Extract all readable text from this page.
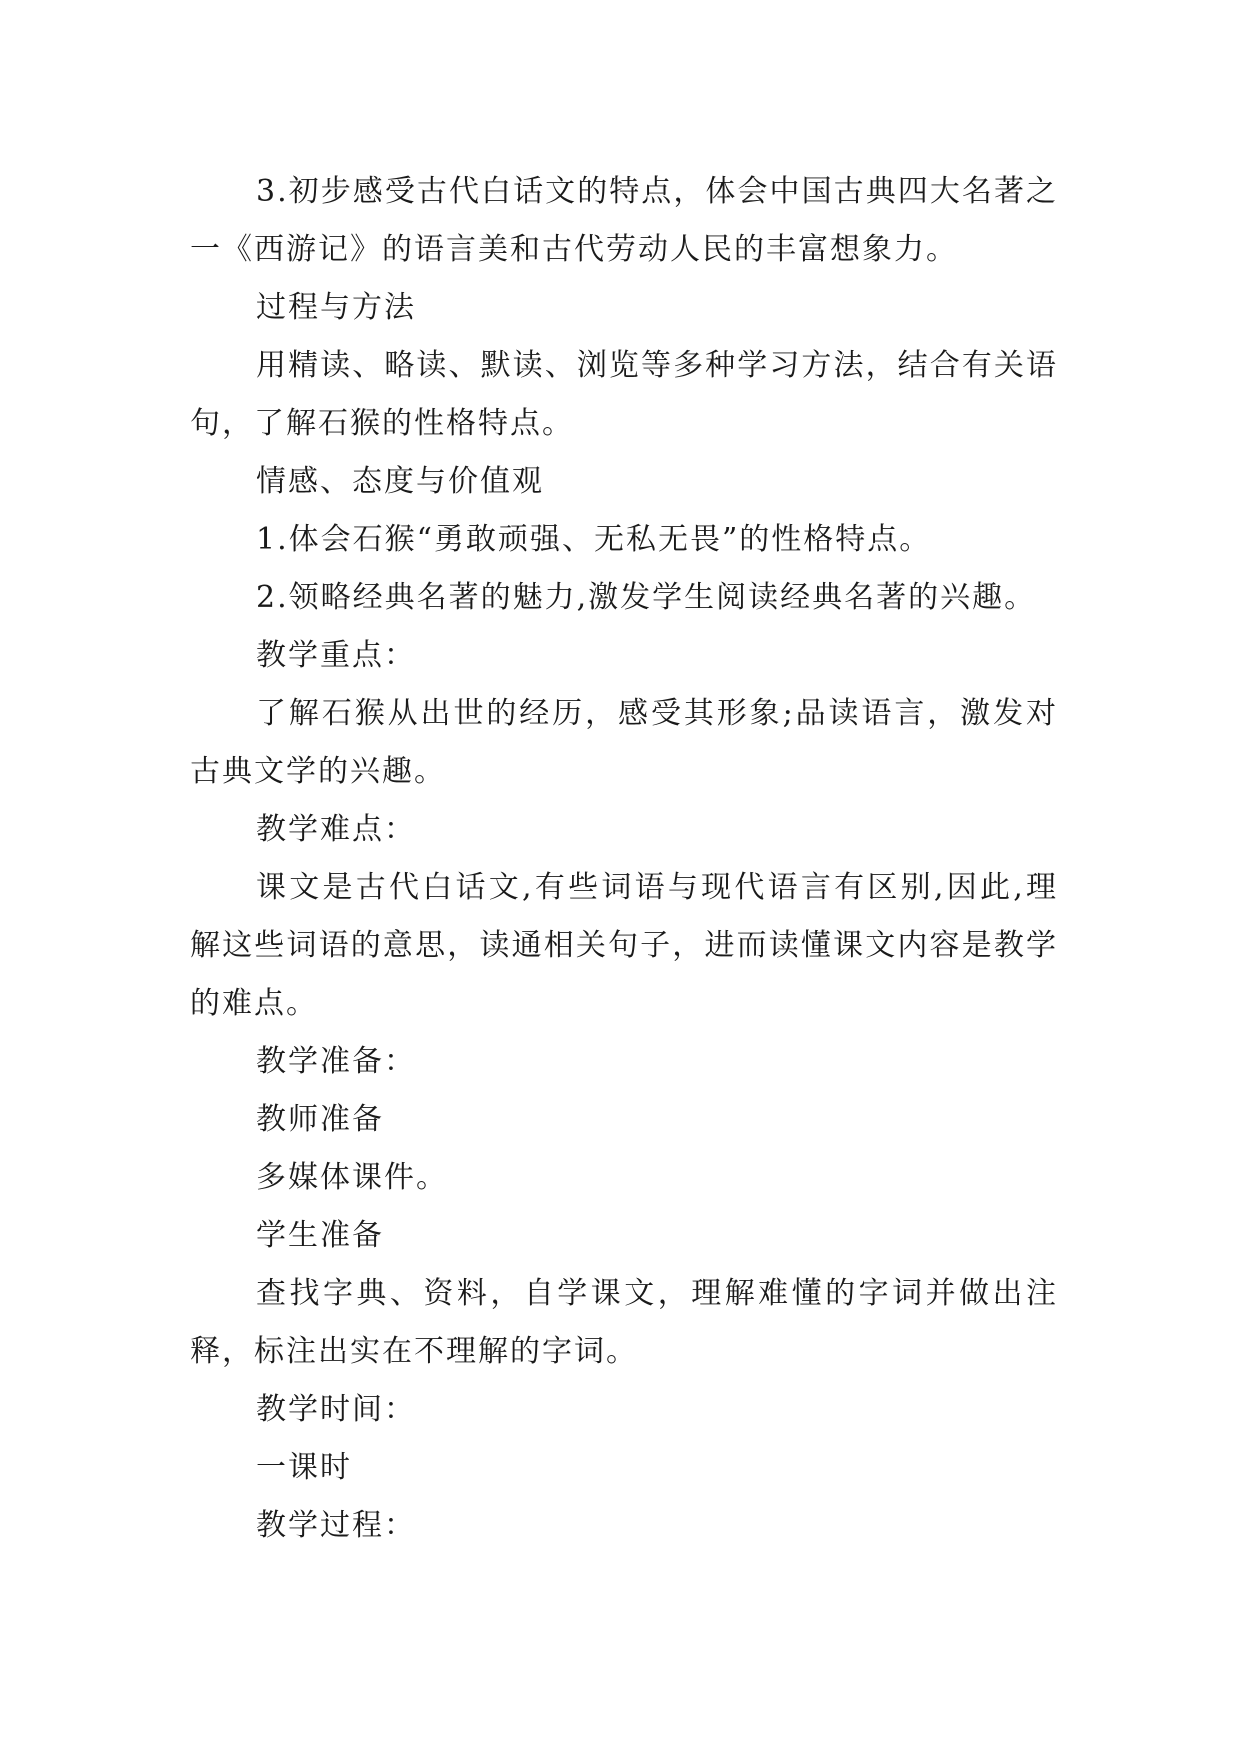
3.初步感受古代白话文的特点，体会中国古典四大名著之一《西游记》的语言美和古代劳动人民的丰富想象力。

过程与方法

用精读、略读、默读、浏览等多种学习方法，结合有关语句，了解石猴的性格特点。

情感、态度与价值观

1.体会石猴“勇敢顽强、无私无畏”的性格特点。

2.领略经典名著的魅力,激发学生阅读经典名著的兴趣。

教学重点：

了解石猴从出世的经历，感受其形象;品读语言，激发对古典文学的兴趣。

教学难点：

课文是古代白话文,有些词语与现代语言有区别,因此,理解这些词语的意思，读通相关句子，进而读懂课文内容是教学的难点。

教学准备：

教师准备

多媒体课件。

学生准备

查找字典、资料，自学课文，理解难懂的字词并做出注释，标注出实在不理解的字词。

教学时间：

一课时

教学过程：
